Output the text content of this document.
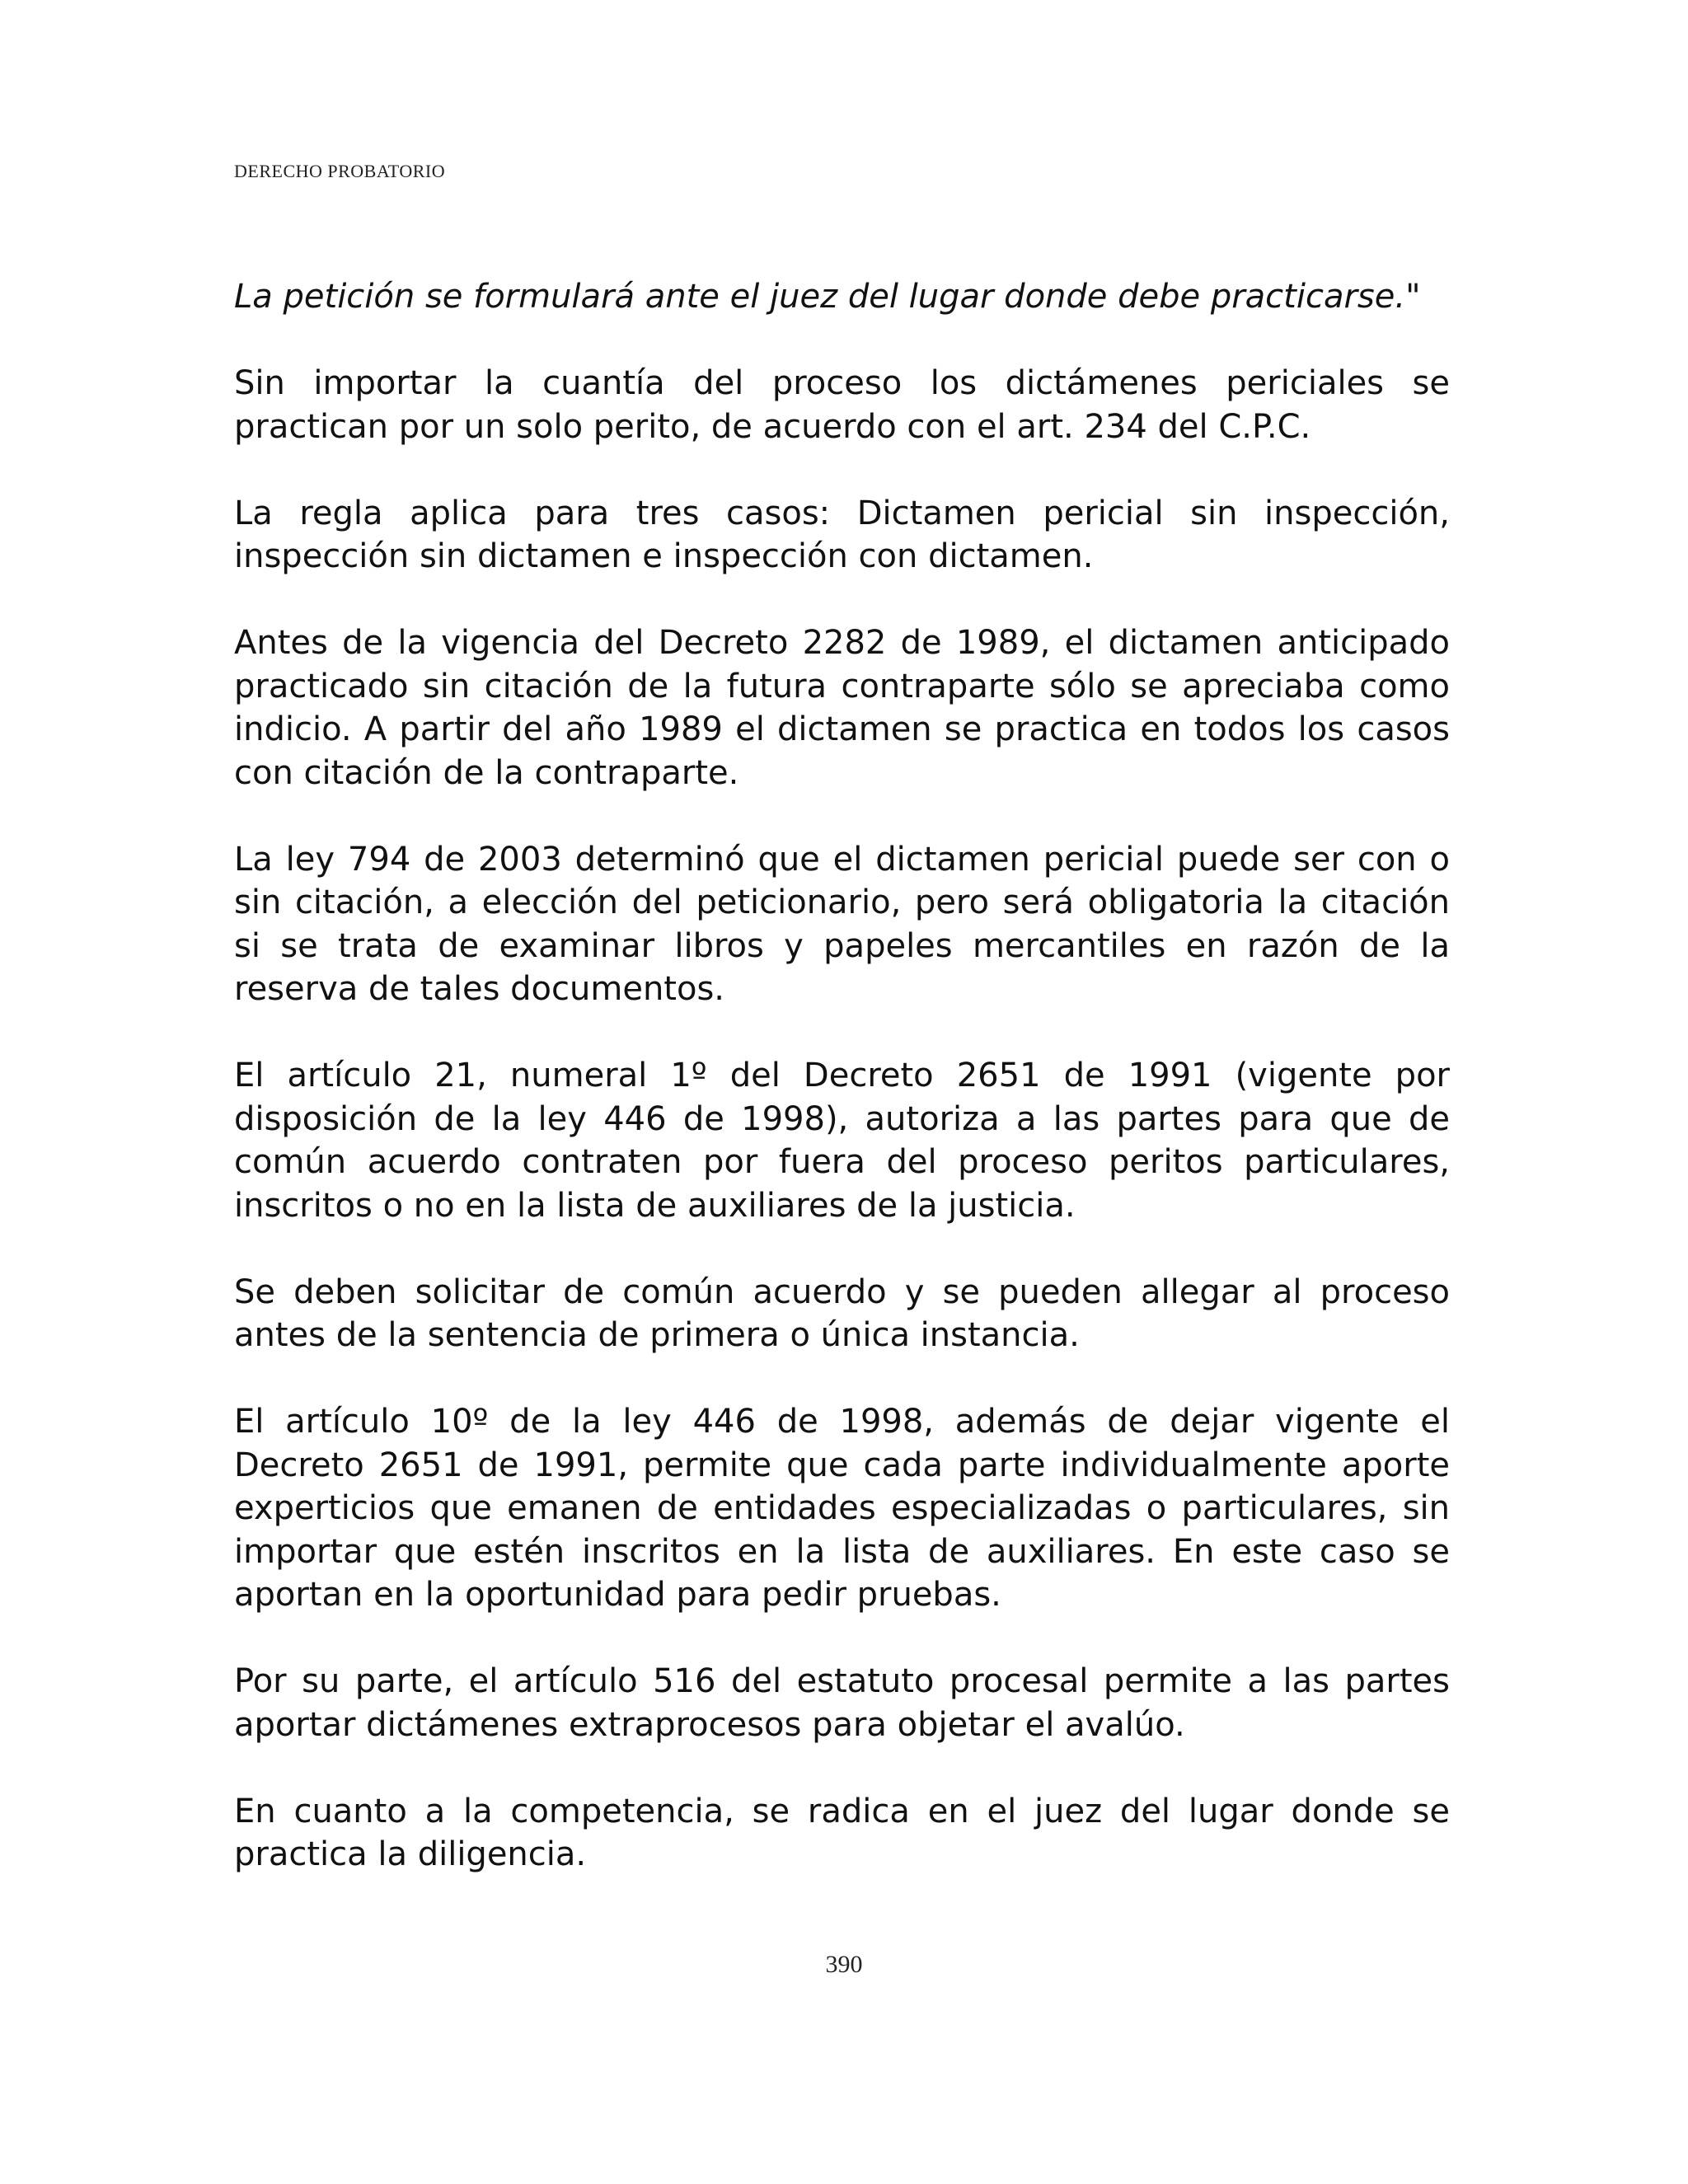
DERECHO PROBATORIO

La petición se formulará ante el juez del lugar donde debe practicarse."

Sin importar la cuantía del proceso los dictámenes periciales se practican por un solo perito, de acuerdo con el art. 234 del C.P.C.

La regla aplica para tres casos: Dictamen pericial sin inspección, inspección sin dictamen e inspección con dictamen.

Antes de la vigencia del Decreto 2282 de 1989, el dictamen anticipado practicado sin citación de la futura contraparte sólo se apreciaba como indicio. A partir del año 1989 el dictamen se practica en todos los casos con citación de la contraparte.

La ley 794 de 2003 determinó que el dictamen pericial puede ser con o sin citación, a elección del peticionario, pero será obligatoria la citación si se trata de examinar libros y papeles mercantiles en razón de la reserva de tales documentos.

El artículo 21, numeral 1º del Decreto 2651 de 1991 (vigente por disposición de la ley 446 de 1998), autoriza a las partes para que de común acuerdo contraten por fuera del proceso peritos particulares, inscritos o no en la lista de auxiliares de la justicia.

Se deben solicitar de común acuerdo y se pueden allegar al proceso antes de la sentencia de primera o única instancia.

El artículo 10º de la ley 446 de 1998, además de dejar vigente el Decreto 2651 de 1991, permite que cada parte individualmente aporte experticios que emanen de entidades especializadas o particulares, sin importar que estén inscritos en la lista de auxiliares. En este caso se aportan en la oportunidad para pedir pruebas.

Por su parte, el artículo 516 del estatuto procesal permite a las partes aportar dictámenes extraprocesos para objetar el avalúo.

En cuanto a la competencia, se radica en el juez del lugar donde se practica la diligencia.

390
